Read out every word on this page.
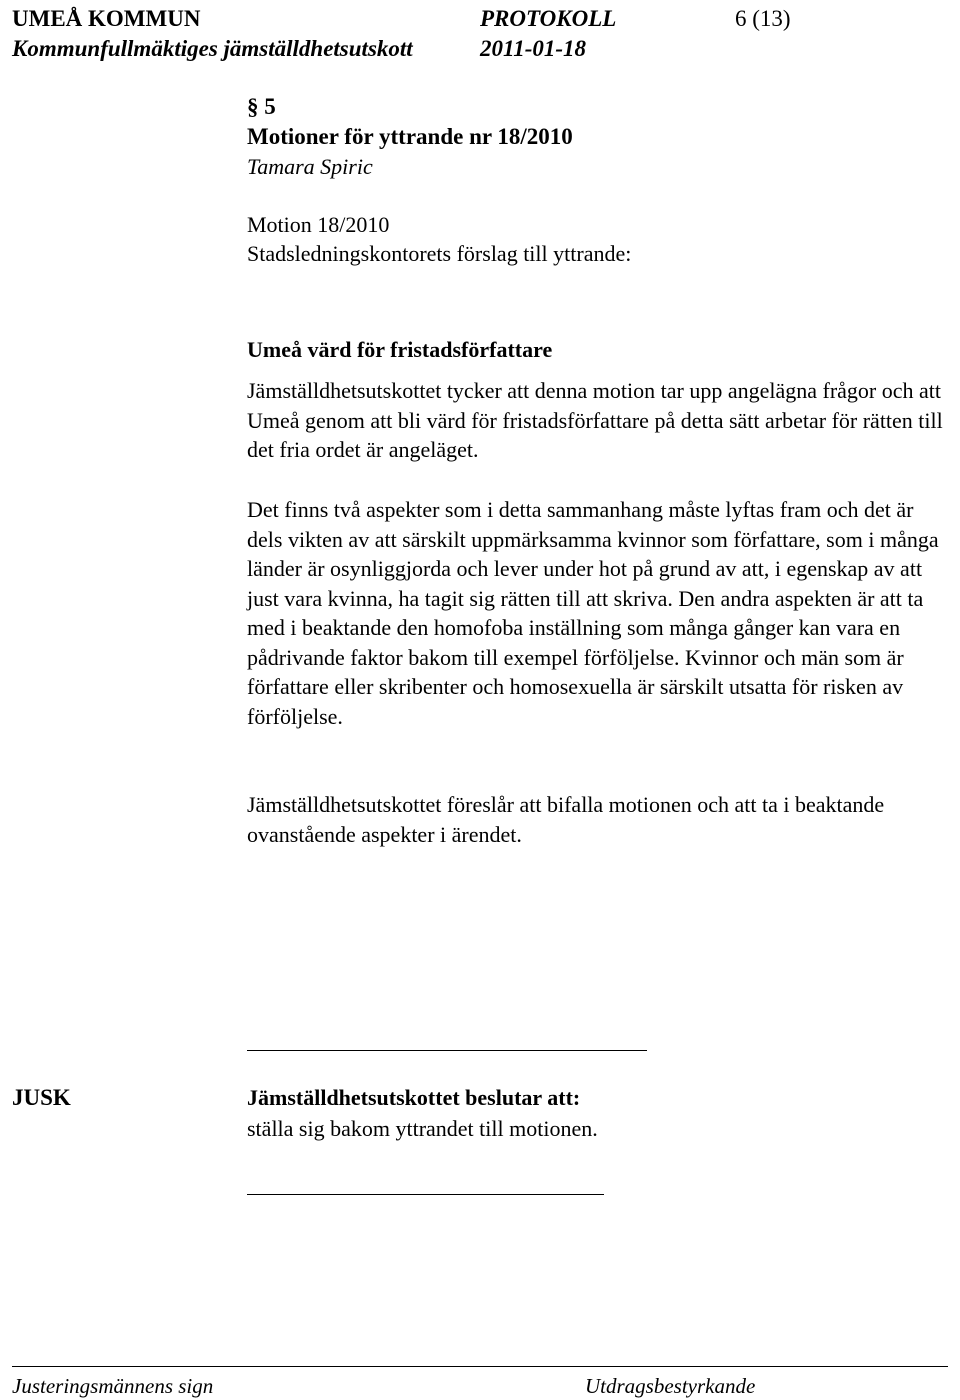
UMEÅ KOMMUN	PROTOKOLL	6 (13)
Kommunfullmäktiges jämställdhetsutskott	2011-01-18
§ 5
Motioner för yttrande nr 18/2010
Tamara Spiric
Motion 18/2010
Stadsledningskontorets förslag till yttrande:
Umeå värd för fristadsförfattare
Jämställdhetsutskottet tycker att denna motion tar upp angelägna frågor och att Umeå genom att bli värd för fristadsförfattare på detta sätt arbetar för rätten till det fria ordet är angeläget.
Det finns två aspekter som i detta sammanhang måste lyftas fram och det är dels vikten av att särskilt uppmärksamma kvinnor som författare, som i många länder är osynliggjorda och lever under hot på grund av att, i egenskap av att just vara kvinna, ha tagit sig rätten till att skriva. Den andra aspekten är att ta med i beaktande den homofoba inställning som många gånger kan vara en pådrivande faktor bakom till exempel förföljelse. Kvinnor och män som är författare eller skribenter och homosexuella är särskilt utsatta för risken av förföljelse.
Jämställdhetsutskottet föreslår att bifalla motionen och att ta i beaktande ovanstående aspekter i ärendet.
JUSK	Jämställdhetsutskottet beslutar att:
ställa sig bakom yttrandet till motionen.
Justeringsmännens sign	Utdragsbestyrkande
